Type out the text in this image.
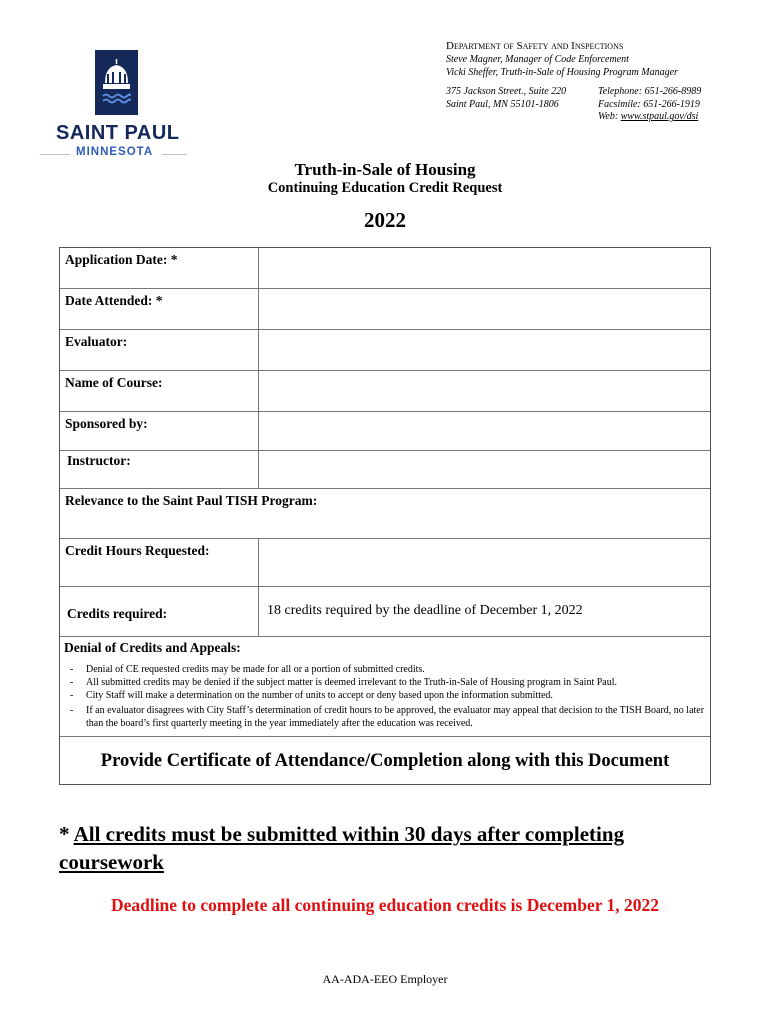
SAINT PAUL
MINNESOTA
Department of Safety and Inspections
Steve Magner, Manager of Code Enforcement
Vicki Sheffer, Truth-in-Sale of Housing Program Manager
375 Jackson Street., Suite 220
Saint Paul, MN 55101-1806
Telephone: 651-266-8989
Facsimile: 651-266-1919
Web: www.stpaul.gov/dsi
Truth-in-Sale of Housing
Continuing Education Credit Request
2022
Application Date: *
Date Attended: *
Evaluator:
Name of Course:
Sponsored by:
Instructor:
Relevance to the Saint Paul TISH Program:
Credit Hours Requested:
Credits required:	18 credits required by the deadline of December 1, 2022
Denial of Credits and Appeals:
- Denial of CE requested credits may be made for all or a portion of submitted credits.
- All submitted credits may be denied if the subject matter is deemed irrelevant to the Truth-in-Sale of Housing program in Saint Paul.
- City Staff will make a determination on the number of units to accept or deny based upon the information submitted.
- If an evaluator disagrees with City Staff’s determination of credit hours to be approved, the evaluator may appeal that decision to the TISH Board, no later than the board’s first quarterly meeting in the year immediately after the education was received.
Provide Certificate of Attendance/Completion along with this Document
* All credits must be submitted within 30 days after completing coursework
Deadline to complete all continuing education credits is December 1, 2022
AA-ADA-EEO Employer
